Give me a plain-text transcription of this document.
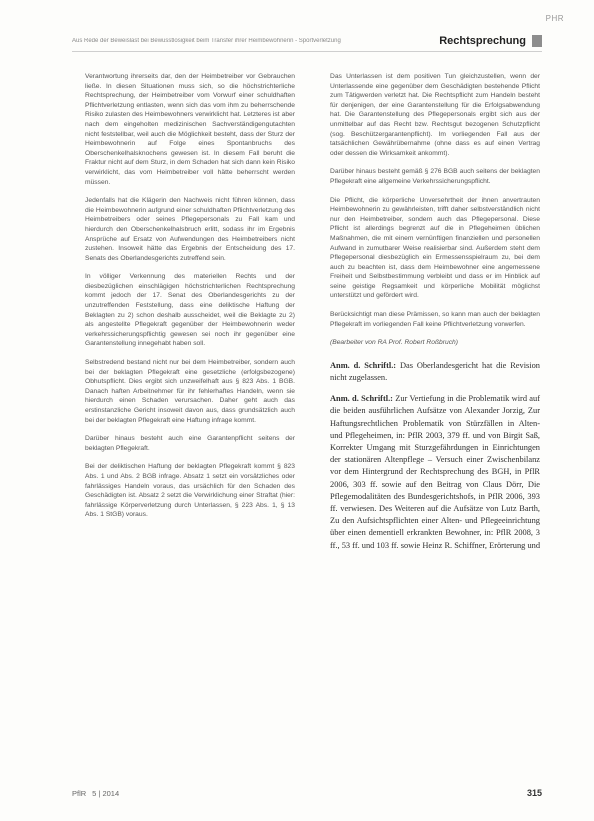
PHR
Aus Rede der Beweislast bei Bewusstlosigkeit beim Transfer ihrer Heimbewohnerin - Sportverletzung	Rechtsprechung

Verantwortung ihrerseits dar, den der Heimbetreiber vor Gebrauchen ließe. In diesen Situationen muss sich, so die höchstrichterliche Rechtsprechung, der Heimbetreiber vom Vorwurf einer schuldhaften Pflichtverletzung entlasten, wenn sich das vom ihm zu beherrschende Risiko zulasten des Heimbewohners verwirklicht hat. Letzteres ist aber nach dem eingeholten medizinischen Sachverständigengutachten nicht feststellbar, weil auch die Möglichkeit besteht, dass der Sturz der Heimbewohnerin auf Folge eines Spontanbruchs des Oberschenkelhalsknochens gewesen ist. In diesem Fall beruht die Fraktur nicht auf dem Sturz, in dem Schaden hat sich dann kein Risiko verwirklicht, das vom Heimbetreiber voll hätte beherrscht werden müssen.

Jedenfalls hat die Klägerin den Nachweis nicht führen können, dass die Heimbewohnerin aufgrund einer schuldhaften Pflichtverletzung des Heimbetreibers oder seines Pflegepersonals zu Fall kam und hierdurch den Oberschenkelhalsbruch erlitt, sodass ihr im Ergebnis Ansprüche auf Ersatz von Aufwendungen des Heimbetreibers nicht zustehen. Insoweit hätte das Ergebnis der Entscheidung des 17. Senats des Oberlandesgerichts zutreffend sein.

In völliger Verkennung des materiellen Rechts und der diesbezüglichen einschlägigen höchstrichterlichen Rechtsprechung kommt jedoch der 17. Senat des Oberlandesgerichts zu der unzutreffenden Feststellung, dass eine deliktische Haftung der Beklagten zu 2) schon deshalb ausscheidet, weil die Beklagte zu 2) als angestellte Pflegekraft gegenüber der Heimbewohnerin weder verkehrssicherungspflichtig gewesen sei noch ihr gegenüber eine Garantenstellung innegehabt haben soll.

Selbstredend bestand nicht nur bei dem Heimbetreiber, sondern auch bei der beklagten Pflegekraft eine gesetzliche (erfolgsbezogene) Obhutspflicht. Dies ergibt sich unzweifelhaft aus § 823 Abs. 1 BGB. Danach haften Arbeitnehmer für ihr fehlerhaftes Handeln, wenn sie hierdurch einen Schaden verursachen. Daher geht auch das erstinstanzliche Gericht insoweit davon aus, dass grundsätzlich auch bei der beklagten Pflegekraft eine Haftung infrage kommt.

Darüber hinaus besteht auch eine Garantenpflicht seitens der beklagten Pflegekraft.

Bei der deliktischen Haftung der beklagten Pflegekraft kommt § 823 Abs. 1 und Abs. 2 BGB infrage. Absatz 1 setzt ein vorsätzliches oder fahrlässiges Handeln voraus, das ursächlich für den Schaden des Geschädigten ist. Absatz 2 setzt die Verwirklichung einer Straftat (hier: fahrlässige Körperverletzung durch Unterlassen, § 223 Abs. 1, § 13 Abs. 1 StGB) voraus.

Das Unterlassen ist dem positiven Tun gleichzustellen, wenn der Unterlassende eine gegenüber dem Geschädigten bestehende Pflicht zum Tätigwerden verletzt hat. Die Rechtspflicht zum Handeln besteht für denjenigen, der eine Garantenstellung für die Erfolgsabwendung hat. Die Garantenstellung des Pflegepersonals ergibt sich aus der unmittelbar auf das Recht bzw. Rechtsgut bezogenen Schutzpflicht (sog. Beschützergarantenpflicht). Im vorliegenden Fall aus der tatsächlichen Gewährübernahme (ohne dass es auf einen Vertrag oder dessen die Wirksamkeit ankommt).

Darüber hinaus besteht gemäß § 276 BGB auch seitens der beklagten Pflegekraft eine allgemeine Verkehrssicherungspflicht.

Die Pflicht, die körperliche Unversehrtheit der ihnen anvertrauten Heimbewohnerin zu gewährleisten, trifft daher selbstverständlich nicht nur den Heimbetreiber, sondern auch das Pflegepersonal. Diese Pflicht ist allerdings begrenzt auf die in Pflegeheimen üblichen Maßnahmen, die mit einem vernünftigen finanziellen und personellen Aufwand in zumutbarer Weise realisierbar sind. Außerdem steht dem Pflegepersonal diesbezüglich ein Ermessensspielraum zu, bei dem auch zu beachten ist, dass dem Heimbewohner eine angemessene Freiheit und Selbstbestimmung verbleibt und dass er im Hinblick auf seine geistige Regsamkeit und körperliche Mobilität möglichst unterstützt und gefördert wird.

Berücksichtigt man diese Prämissen, so kann man auch der beklagten Pflegekraft im vorliegenden Fall keine Pflichtverletzung vorwerfen.

(Bearbeiter von RA Prof. Robert Roßbruch)

Anm. d. Schriftl.: Das Oberlandesgericht hat die Revision nicht zugelassen.

Anm. d. Schriftl.: Zur Vertiefung in die Problematik wird auf die beiden ausführlichen Aufsätze von Alexander Jorzig, Zur Haftungsrechtlichen Problematik von Stürzfällen in Alten- und Pflegeheimen, in: PflR 2003, 379 ff. und von Birgit Saß, Korrekter Umgang mit Sturzgefährdungen in Einrichtungen der stationären Altenpflege – Versuch einer Zwischenbilanz vor dem Hintergrund der Rechtsprechung des BGH, in PflR 2006, 303 ff. sowie auf den Beitrag von Claus Dörr, Die Pflegemodalitäten des Bundesgerichtshofs, in PflR 2006, 393 ff. verwiesen. Des Weiteren auf die Aufsätze von Lutz Barth, Zu den Aufsichtspflichten einer Alten- und Pflegeeinrichtung über einen dementiell erkrankten Bewohner, in: PflR 2008, 3 ff., 53 ff. und 103 ff. sowie Heinz R. Schiffner, Erörterung und

PflR 5 | 2014	315
